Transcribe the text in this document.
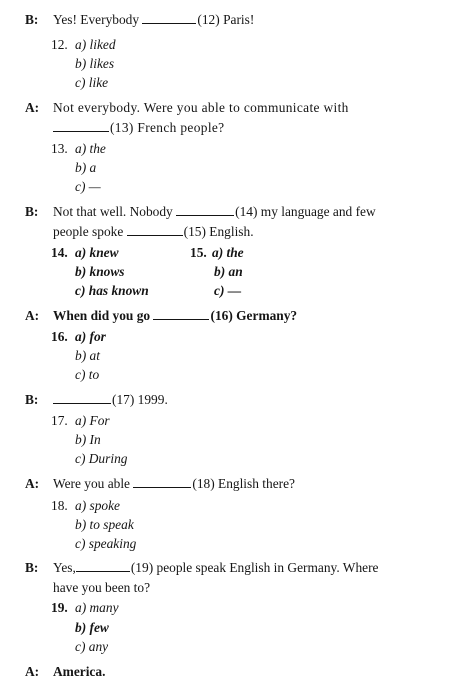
B:	Yes! Everybody	(12) Paris!
12. a) liked
b) likes
c) like
A:	Not everybody. Were you able to communicate with
(13) French people?
13. a) the
b) a
c) —
B:	Not that well. Nobody	(14) my language and few
people spoke	(15) English.
14. a) knew
b) knows
c) has known
15. a) the
b) an
c) —
A:	When did you go	(16) Germany?
16. a) for
b) at
c) to
B:	(17) 1999.
17. a) For
b) In
c) During
A:	Were you able	(18) English there?
18. a) spoke
b) to speak
c) speaking
B:	Yes,	(19) people speak English in Germany. Where
have you been to?
19. a) many
b) few
c) any
A:	America.
